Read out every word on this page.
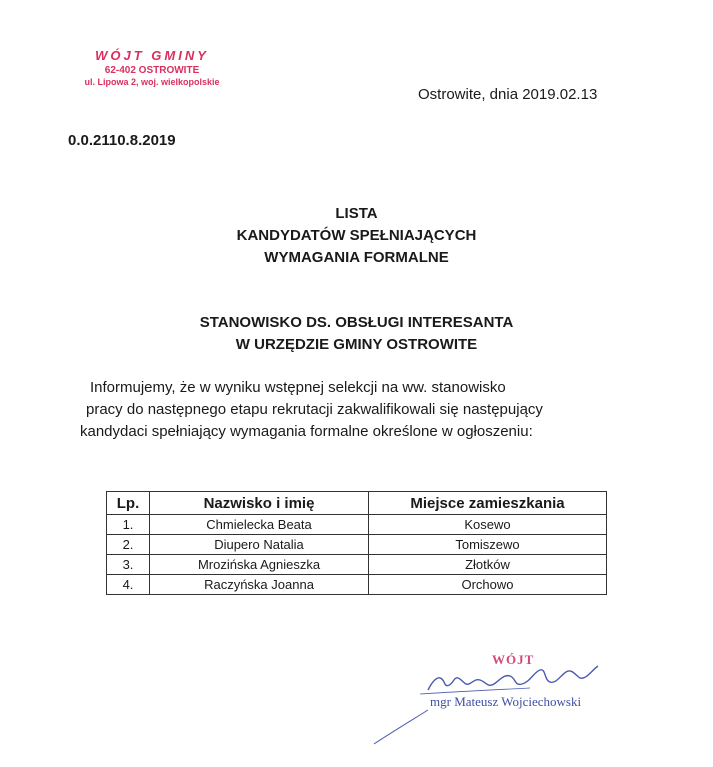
WÓJT GMINY
62-402 OSTROWITE
ul. Lipowa 2, woj. wielkopolskie
Ostrowite, dnia 2019.02.13
0.0.2110.8.2019
LISTA
KANDYDATÓW SPEŁNIAJĄCYCH
WYMAGANIA FORMALNE
STANOWISKO DS. OBSŁUGI INTERESANTA
W URZĘDZIE GMINY OSTROWITE

Informujemy, że w wyniku wstępnej selekcji na ww. stanowisko

pracy do następnego etapu rekrutacji zakwalifikowali się następujący

kandydaci spełniający wymagania formalne określone w ogłoszeniu:

Lp.	Nazwisko i imię	Miejsce zamieszkania
1.	Chmielecka Beata	Kosewo
2.	Diupero Natalia	Tomiszewo
3.	Mrozińska Agnieszka	Złotków
4.	Raczyńska Joanna	Orchowo
WÓJT
mgr Mateusz Wojciechowski
